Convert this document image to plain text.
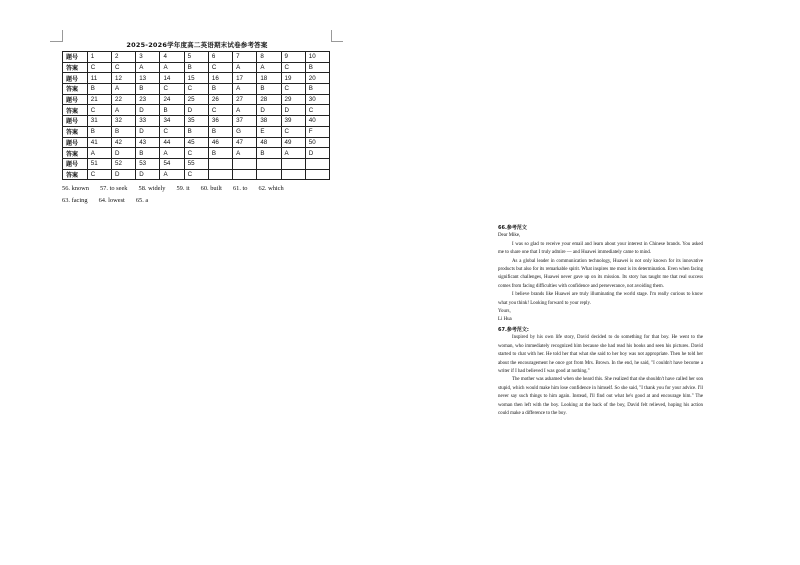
2025-2026学年度高二英语期末试卷参考答案
题号	1	2	3	4	5	6	7	8	9	10
答案	C	C	A	A	B	C	A	A	C	B
题号	11	12	13	14	15	16	17	18	19	20
答案	B	A	B	C	C	B	A	B	C	B
题号	21	22	23	24	25	26	27	28	29	30
答案	C	A	D	B	D	C	A	D	D	C
题号	31	32	33	34	35	36	37	38	39	40
答案	B	B	D	C	B	B	G	E	C	F
题号	41	42	43	44	45	46	47	48	49	50
答案	A	D	B	A	C	B	A	B	A	D
题号	51	52	53	54	55					
答案	C	D	D	A	C					
56. known 57. to seek 58. widely 59. it 60. built 61. to 62. which
63. facing 64. lowest 65. a
66.参考范文

Dear Mike,

I was so glad to receive your email and learn about your interest in Chinese brands. You asked me to share one that I truly admire — and Huawei immediately came to mind.

As a global leader in communication technology, Huawei is not only known for its innovative products but also for its remarkable spirit. What inspires me most is its determination. Even when facing significant challenges, Huawei never gave up on its mission. Its story has taught me that real success comes from facing difficulties with confidence and perseverance, not avoiding them.

I believe brands like Huawei are truly illuminating the world stage. I'm really curious to know what you think! Looking forward to your reply.

Yours,

Li Hua

67.参考范文:

Inspired by his own life story, David decided to do something for that boy. He went to the woman, who immediately recognized him because she had read his books and seen his pictures. David started to chat with her. He told her that what she said to her boy was not appropriate. Then he told her about the encouragement he once got from Mrs. Brown. In the end, he said, "I couldn't have become a writer if I had believed I was good at nothing."

The mother was ashamed when she heard this. She realized that she shouldn't have called her son stupid, which would make him lose confidence in himself. So she said, "I thank you for your advice. I'll never say such things to him again. Instead, I'll find out what he's good at and encourage him." The woman then left with the boy. Looking at the back of the boy, David felt relieved, hoping his action could make a difference to the boy.
